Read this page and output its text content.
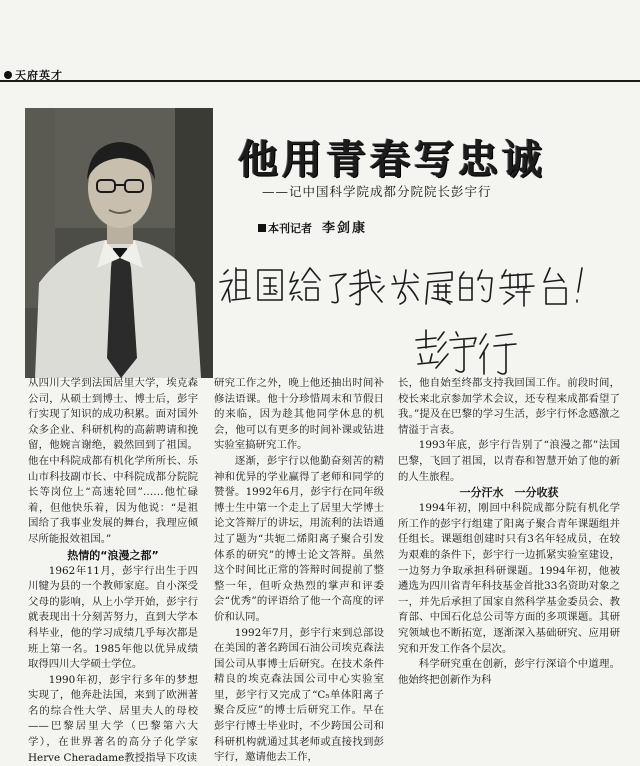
天府英才
他用青春写忠诚
——记中国科学院成都分院院长彭宇行
本刊记者 李剑康

从四川大学到法国居里大学，埃克森公司，从硕士到博士、博士后，彭宇行实现了知识的成功积累。面对国外众多企业、科研机构的高薪聘请和挽留，他婉言谢绝，毅然回到了祖国。他在中科院成都有机化学所所长、乐山市科技副市长、中科院成都分院院长等岗位上“高速轮回”……他忙碌着，但他快乐着，因为他说：“是祖国给了我事业发展的舞台，我理应倾尽所能报效祖国。”

热情的“浪漫之都”

1962年11月，彭宇行出生于四川犍为县的一个教师家庭。自小深受父母的影响，从上小学开始，彭宇行就表现出十分刻苦努力，直到大学本科毕业，他的学习成绩几乎每次都是班上第一名。1985年他以优异成绩取得四川大学硕士学位。

1990年初，彭宇行多年的梦想实现了，他奔赴法国，来到了欧洲著名的综合性大学、居里夫人的母校——巴黎居里大学（巴黎第六大学），在世界著名的高分子化学家Herve Cheradame教授指导下攻读

研究工作之外，晚上他还抽出时间补修法语课。他十分珍惜周末和节假日的来临，因为趁其他同学休息的机会，他可以有更多的时间补课或钻进实验室搞研究工作。

逐渐，彭宇行以他勤奋刻苦的精神和优异的学业赢得了老师和同学的赞誉。1992年6月，彭宇行在同年级博士生中第一个走上了居里大学博士论文答辩厅的讲坛，用流利的法语通过了题为“共轭二烯阳离子聚合引发体系的研究”的博士论文答辩。虽然这个时间比正常的答辩时间提前了整整一年，但听众热烈的掌声和评委会“优秀”的评语给了他一个高度的评价和认同。

1992年7月，彭宇行来到总部设在美国的著名跨国石油公司埃克森法国公司从事博士后研究。在技术条件精良的埃克森法国公司中心实验室里，彭宇行又完成了“C₅单体阳离子聚合反应”的博士后研究工作。早在彭宇行博士毕业时，不少跨国公司和科研机构就通过其老师或直接找到彭宇行，邀请他去工作，

长，他自始至终都支持我回国工作。前段时间，校长来北京参加学术会议，还专程来成都看望了我。”提及在巴黎的学习生活，彭宇行怀念感激之情溢于言表。

1993年底，彭宇行告别了“浪漫之都”法国巴黎，飞回了祖国，以青春和智慧开始了他的新的人生旅程。

一分汗水　一分收获

1994年初，刚回中科院成都分院有机化学所工作的彭宇行组建了阳离子聚合青年课题组并任组长。课题组创建时只有3名年轻成员，在较为艰难的条件下，彭宇行一边抓紧实验室建设，一边努力争取承担科研课题。1994年初，他被遴选为四川省青年科技基金首批33名资助对象之一，并先后承担了国家自然科学基金委员会、教育部、中国石化总公司等方面的多项课题。其研究领域也不断拓宽，逐渐深入基础研究、应用研究和开发工作各个层次。

科学研究重在创新，彭宇行深谙个中道理。他始终把创新作为科
